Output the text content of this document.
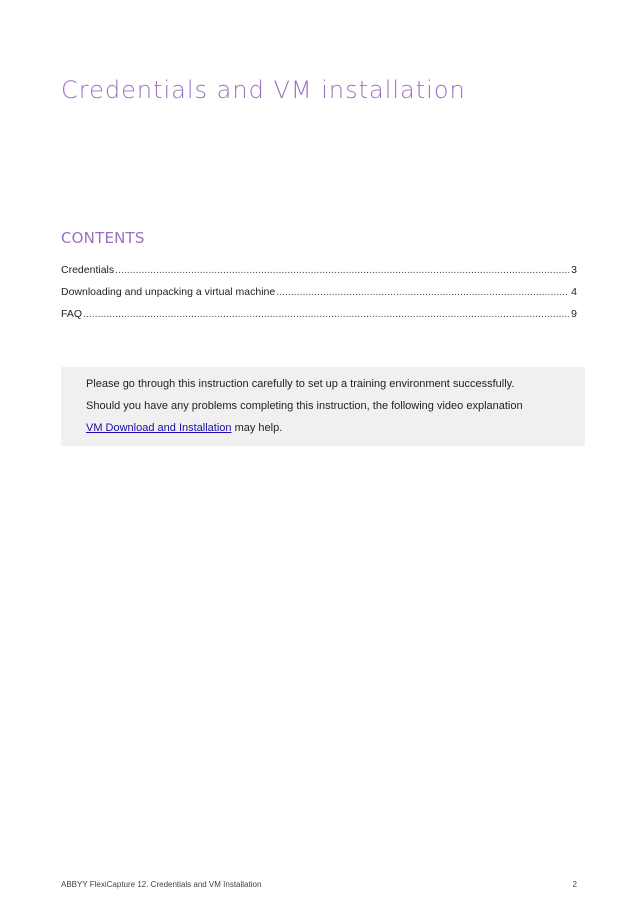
Credentials and VM installation
CONTENTS
Credentials .....	3
Downloading and unpacking a virtual machine .....	4
FAQ .....	9
Please go through this instruction carefully to set up a training environment successfully.
Should you have any problems completing this instruction, the following video explanation
VM Download and Installation may help.
ABBYY FlexiCapture 12. Credentials and VM Installation	2
